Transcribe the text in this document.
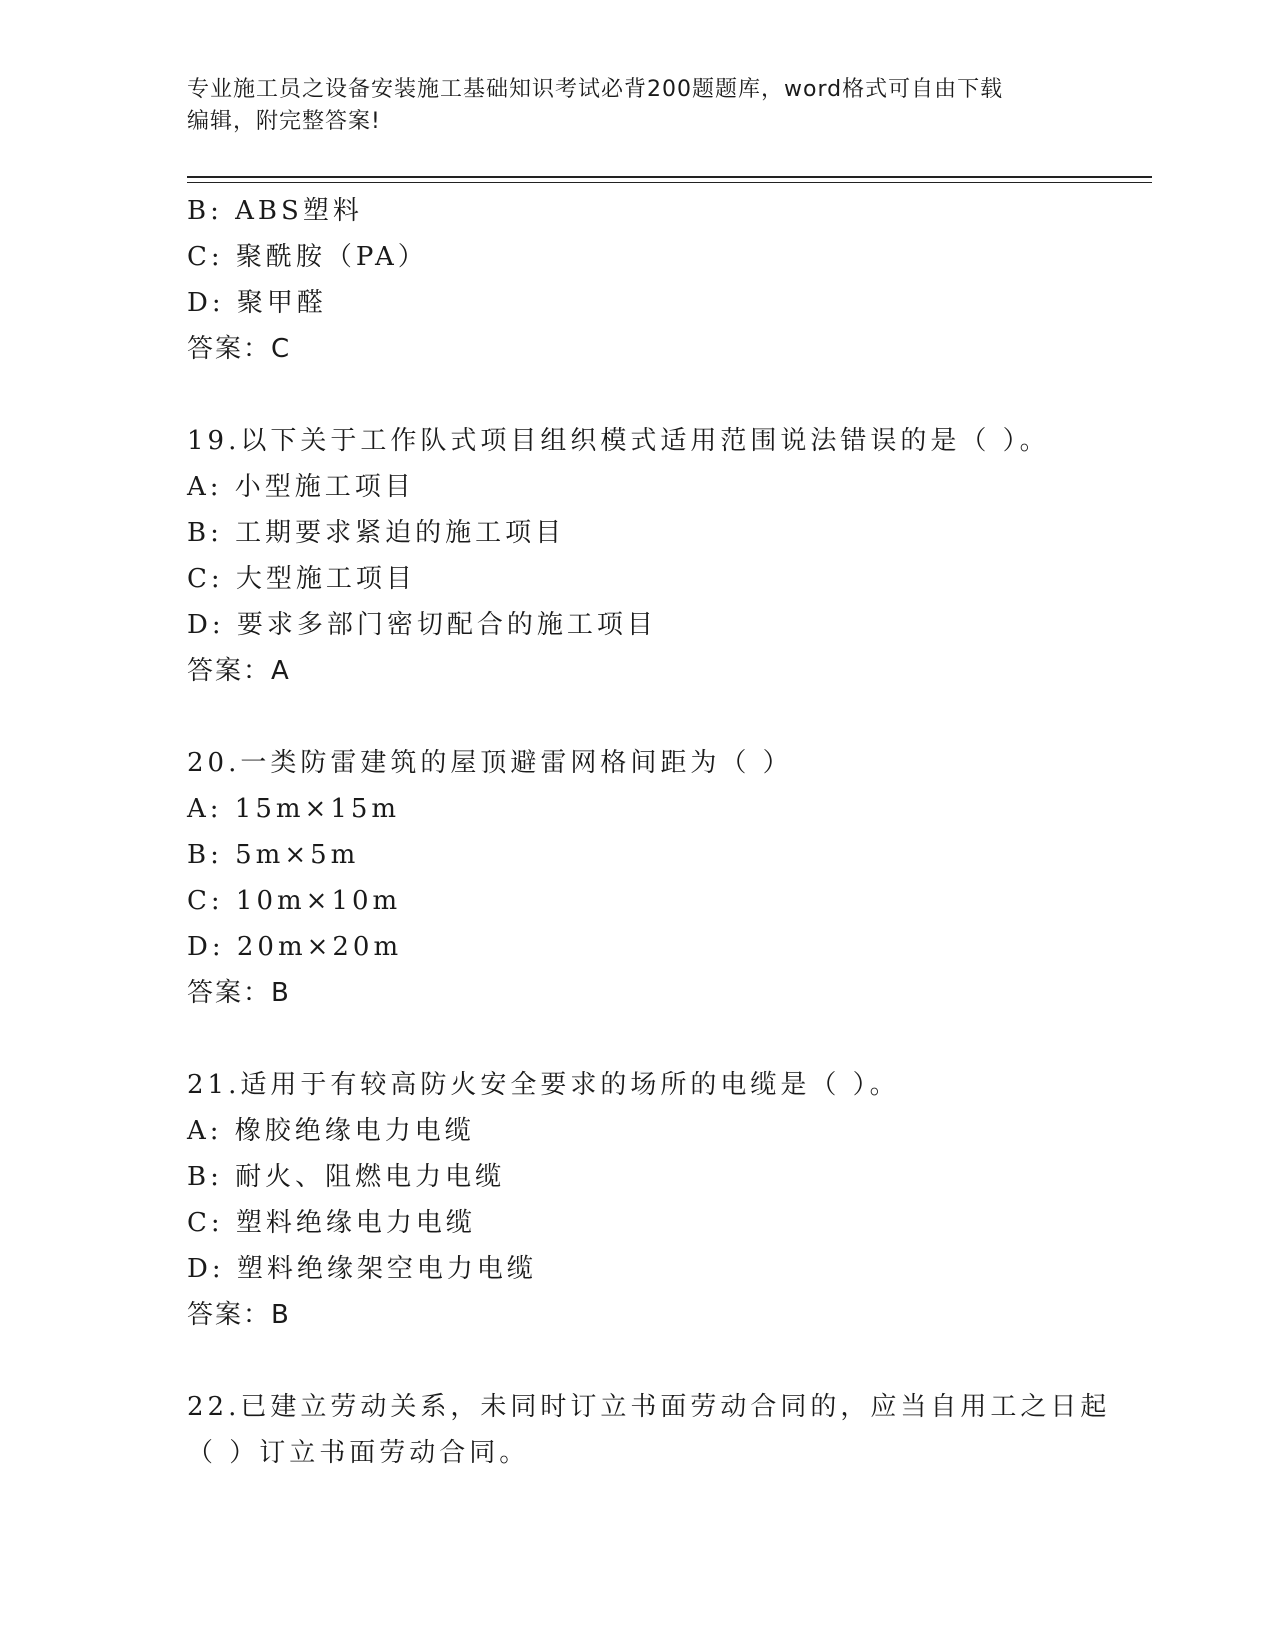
专业施工员之设备安装施工基础知识考试必背200题题库，word格式可自由下载
编辑，附完整答案!
B: ABS塑料
C: 聚酰胺（PA）
D: 聚甲醛
答案：C
19.以下关于工作队式项目组织模式适用范围说法错误的是（ ）。
A: 小型施工项目
B: 工期要求紧迫的施工项目
C: 大型施工项目
D: 要求多部门密切配合的施工项目
答案：A
20.一类防雷建筑的屋顶避雷网格间距为（ ）
A: 15m×15m
B: 5m×5m
C: 10m×10m
D: 20m×20m
答案：B
21.适用于有较高防火安全要求的场所的电缆是（ ）。
A: 橡胶绝缘电力电缆
B: 耐火、阻燃电力电缆
C: 塑料绝缘电力电缆
D: 塑料绝缘架空电力电缆
答案：B
22.已建立劳动关系，未同时订立书面劳动合同的，应当自用工之日起
（ ）订立书面劳动合同。
